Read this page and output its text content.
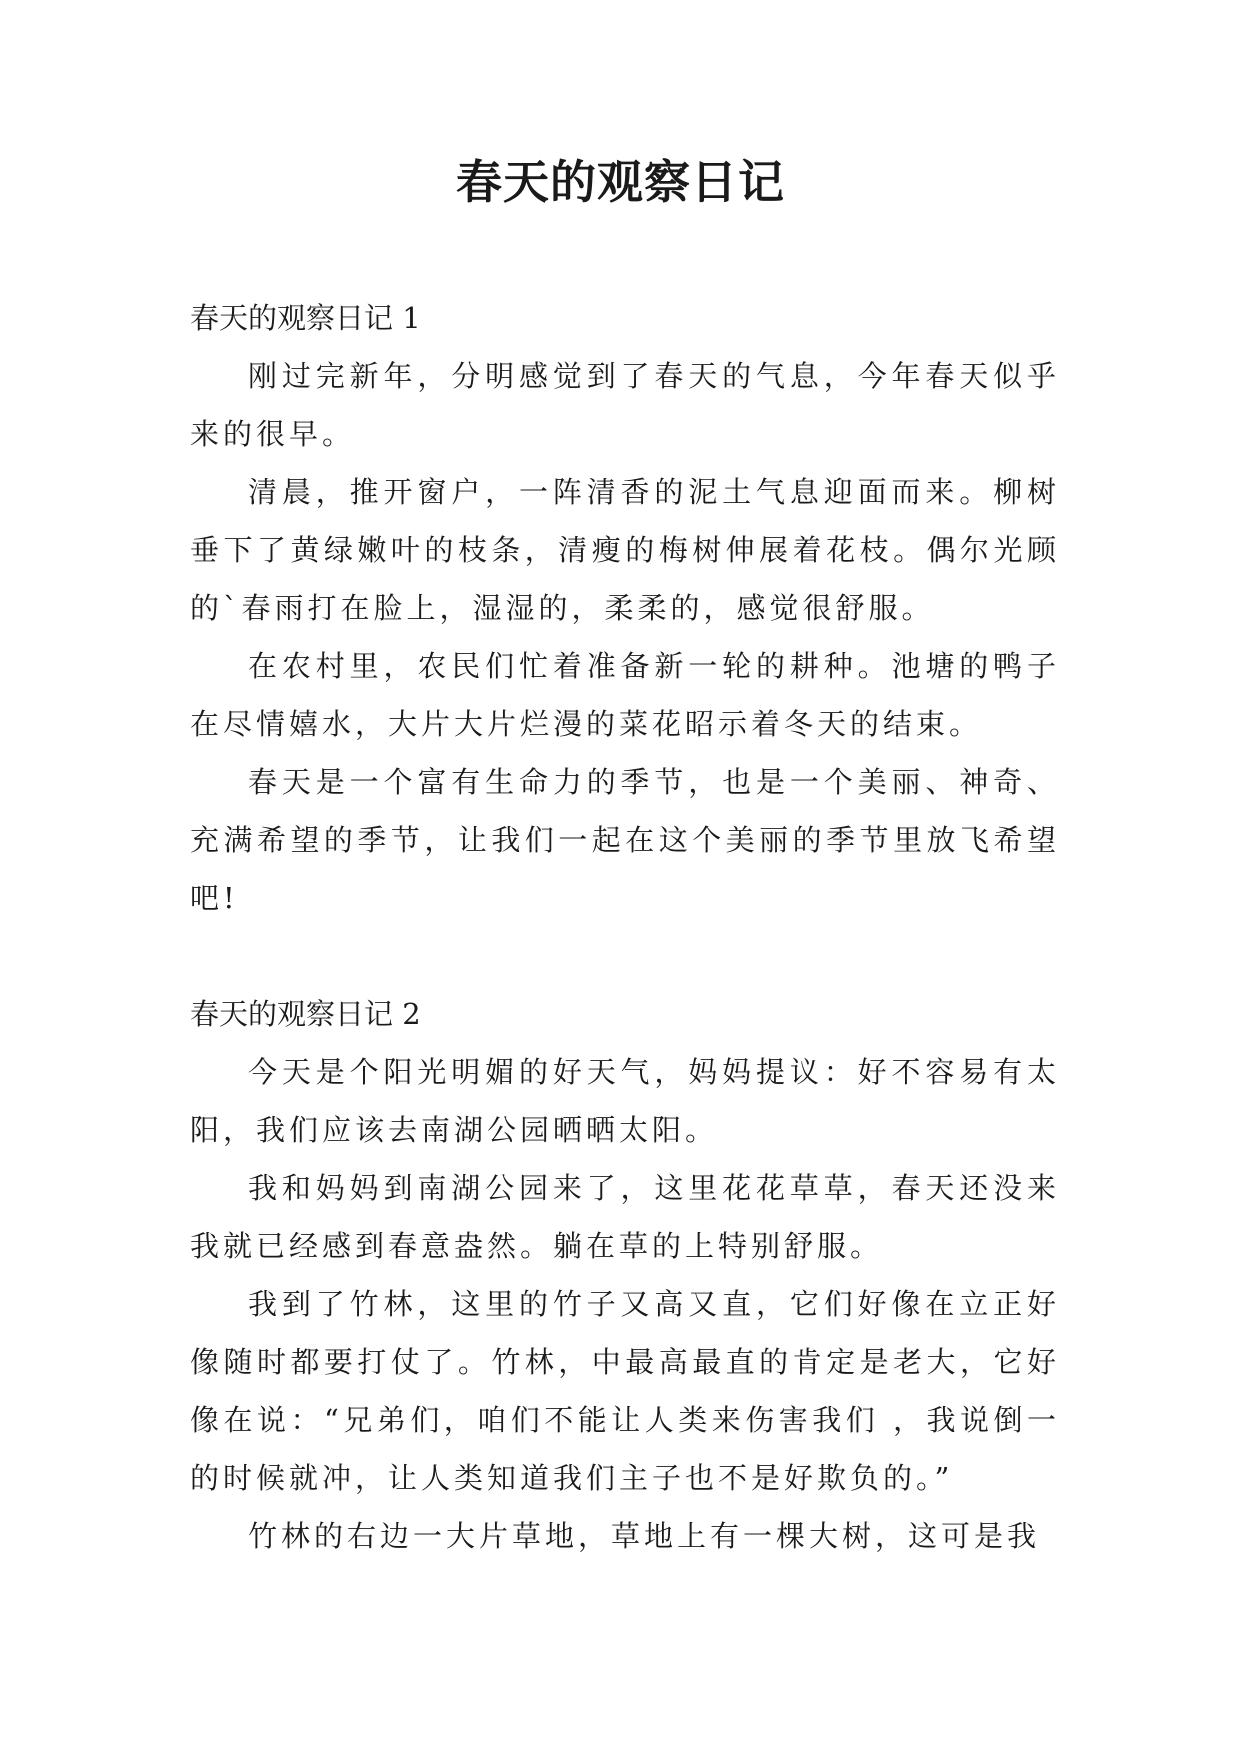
春天的观察日记
春天的观察日记 1

刚过完新年，分明感觉到了春天的气息，今年春天似乎来的很早。

清晨，推开窗户，一阵清香的泥土气息迎面而来。柳树垂下了黄绿嫩叶的枝条，清瘦的梅树伸展着花枝。偶尔光顾的`春雨打在脸上，湿湿的，柔柔的，感觉很舒服。

在农村里，农民们忙着准备新一轮的耕种。池塘的鸭子在尽情嬉水，大片大片烂漫的菜花昭示着冬天的结束。

春天是一个富有生命力的季节，也是一个美丽、神奇、充满希望的季节，让我们一起在这个美丽的季节里放飞希望吧!

春天的观察日记 2

今天是个阳光明媚的好天气，妈妈提议：好不容易有太阳，我们应该去南湖公园晒晒太阳。

我和妈妈到南湖公园来了，这里花花草草，春天还没来我就已经感到春意盎然。躺在草的上特别舒服。

我到了竹林，这里的竹子又高又直，它们好像在立正好像随时都要打仗了。竹林，中最高最直的肯定是老大，它好像在说：“兄弟们，咱们不能让人类来伤害我们 ，我说倒一的时候就冲，让人类知道我们主子也不是好欺负的。”

竹林的右边一大片草地，草地上有一棵大树，这可是我
